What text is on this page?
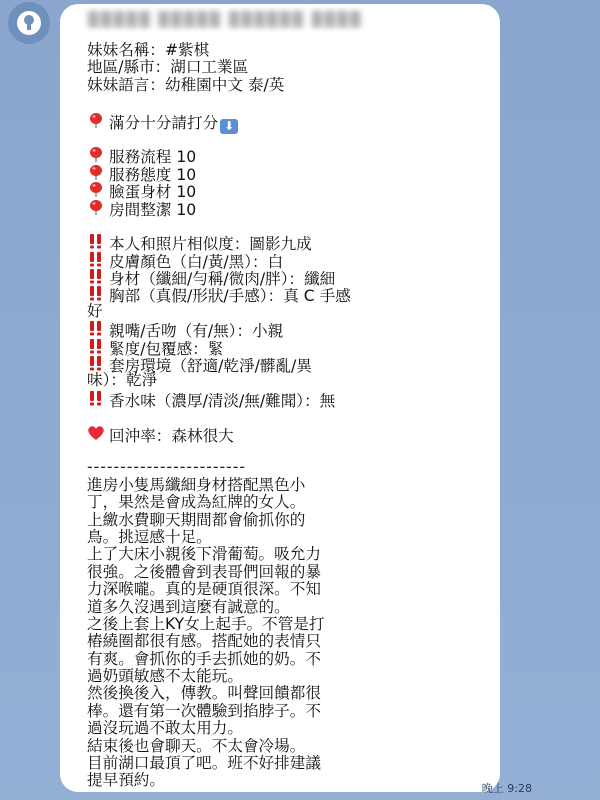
▒▒▒▒▒ ▒▒▒▒▒ ▒▒▒▒▒▒ ▒▒▒▒
妹妹名稱：#紫棋
地區/縣市：湖口工業區
妹妹語言：幼稚園中文 泰/英
滿分十分請打分 ⬇
服務流程 10
服務態度 10
臉蛋身材 10
房間整潔 10
本人和照片相似度：圖影九成
皮膚顏色（白/黃/黑）：白
身材（纖細/勻稱/微肉/胖）：纖細
胸部（真假/形狀/手感）：真 C 手感
好
親嘴/舌吻（有/無）：小親
緊度/包覆感：緊
套房環境（舒適/乾淨/髒亂/異
味）：乾淨
香水味（濃厚/清淡/無/難聞）：無
回沖率：森林很大
------------------------
進房小隻馬纖細身材搭配黑色小
丁，果然是會成為紅牌的女人。
上繳水費聊天期間都會偷抓你的
鳥。挑逗感十足。
上了大床小親後下滑葡萄。吸允力
很強。之後體會到表哥們回報的暴
力深喉嚨。真的是硬頂很深。不知
道多久沒遇到這麼有誠意的。
之後上套上KY女上起手。不管是打
樁繞圈都很有感。搭配她的表情只
有爽。會抓你的手去抓她的奶。不
過奶頭敏感不太能玩。
然後換後入，傳教。叫聲回饋都很
棒。還有第一次體驗到掐脖子。不
過沒玩過不敢太用力。
結束後也會聊天。不太會冷場。
目前湖口最頂了吧。班不好排建議
提早預約。	晚上 9:28
